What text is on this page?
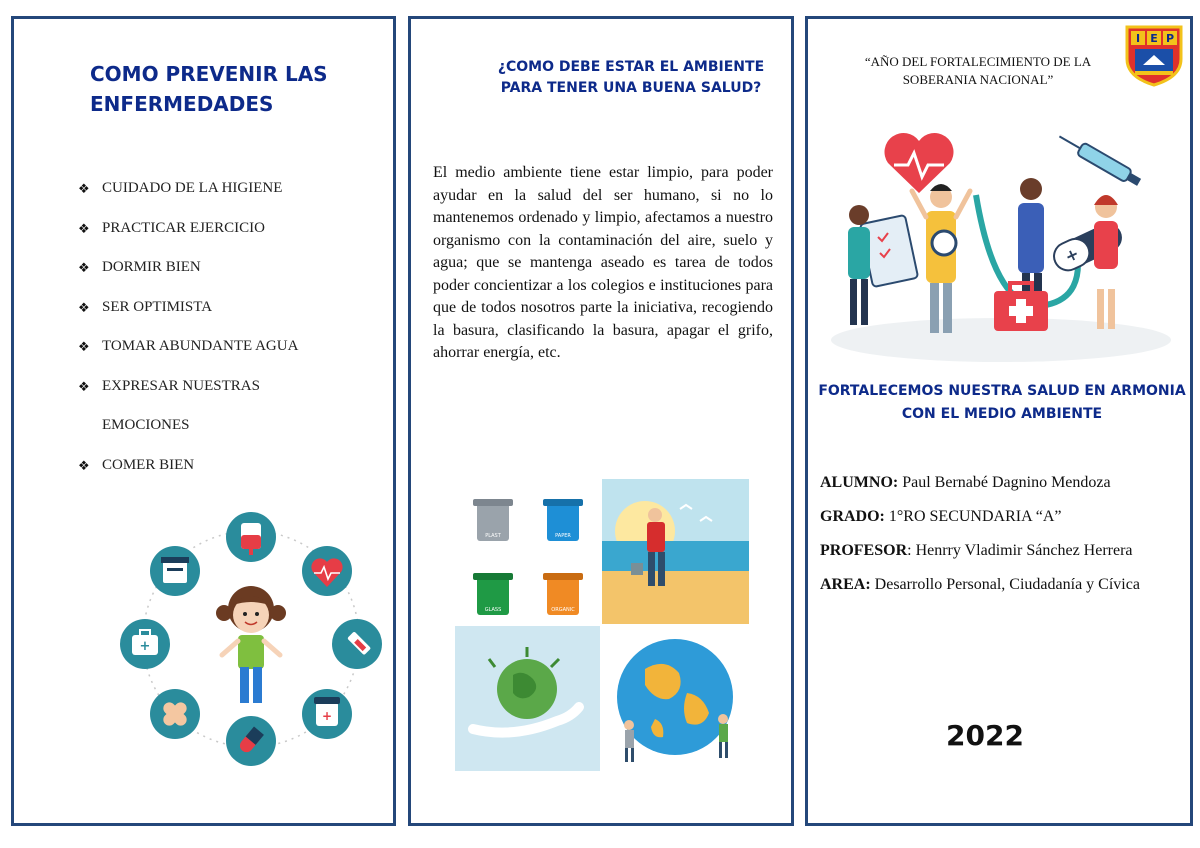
COMO PREVENIR LAS ENFERMEDADES
❖ CUIDADO DE LA HIGIENE
❖ PRACTICAR EJERCICIO
❖ DORMIR BIEN
❖ SER OPTIMISTA
❖ TOMAR ABUNDANTE AGUA
❖ EXPRESAR NUESTRAS
EMOCIONES
❖ COMER BIEN
+
+
¿COMO DEBE ESTAR EL AMBIENTE PARA TENER UNA BUENA SALUD?
El medio ambiente tiene estar limpio, para poder ayudar en la salud del ser humano, si no lo mantenemos ordenado y limpio, afectamos a nuestro organismo con la contaminación del aire, suelo y agua; que se mantenga aseado es tarea de todos poder concientizar a los colegios e instituciones para que de todos nosotros parte la iniciativa, recogiendo la basura, clasificando la basura, apagar el grifo, ahorrar energía, etc.
PLAST	PAPER
GLASS	ORGANIC
“AÑO DEL FORTALECIMIENTO DE LA SOBERANIA NACIONAL”
I E P
+
FORTALECEMOS NUESTRA SALUD EN ARMONIA CON EL MEDIO AMBIENTE
ALUMNO: Paul Bernabé Dagnino Mendoza
GRADO: 1°RO SECUNDARIA “A”
PROFESOR: Henrry Vladimir Sánchez Herrera
AREA: Desarrollo Personal, Ciudadanía y Cívica
2022
